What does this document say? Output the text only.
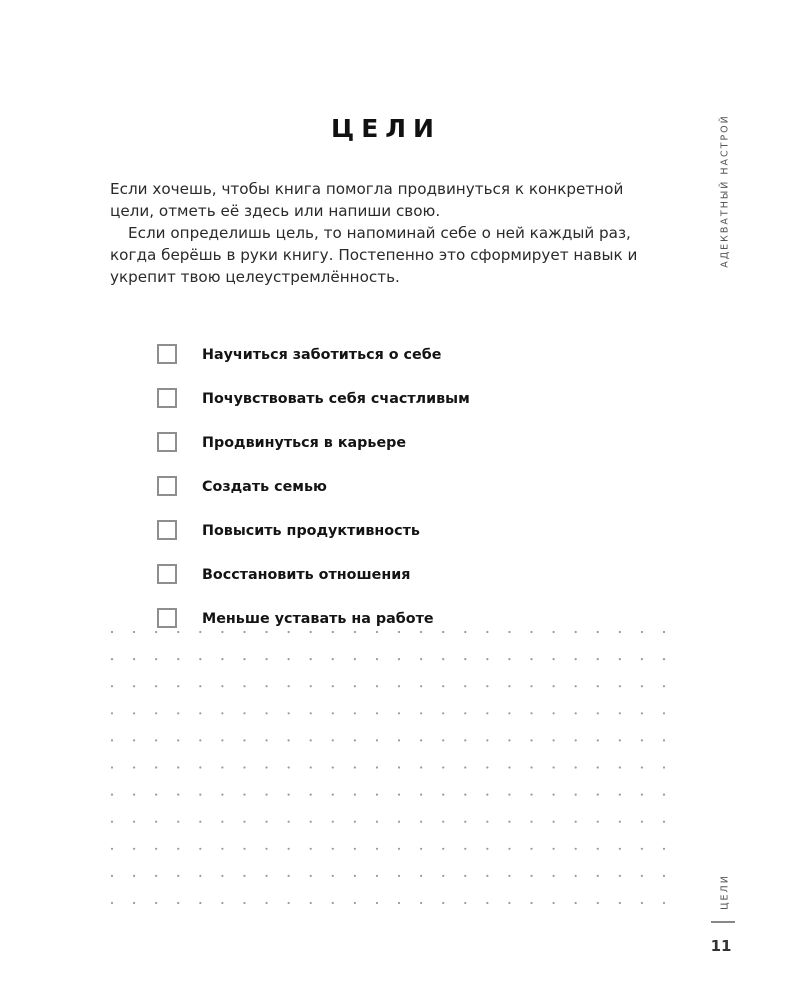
ЦЕЛИ

Если хочешь, чтобы книга помогла продвинуться к конкретной цели, отметь её здесь или напиши свою.

Если определишь цель, то напоминай себе о ней каждый раз, когда берёшь в руки книгу. Постепенно это сформирует навык и укрепит твою целеустремлённость.

Научиться заботиться о себе
Почувствовать себя счастливым
Продвинуться в карьере
Создать семью
Повысить продуктивность
Восстановить отношения
Меньше уставать на работе
АДЕКВАТНЫЙ НАСТРОЙ
ЦЕЛИ
11
